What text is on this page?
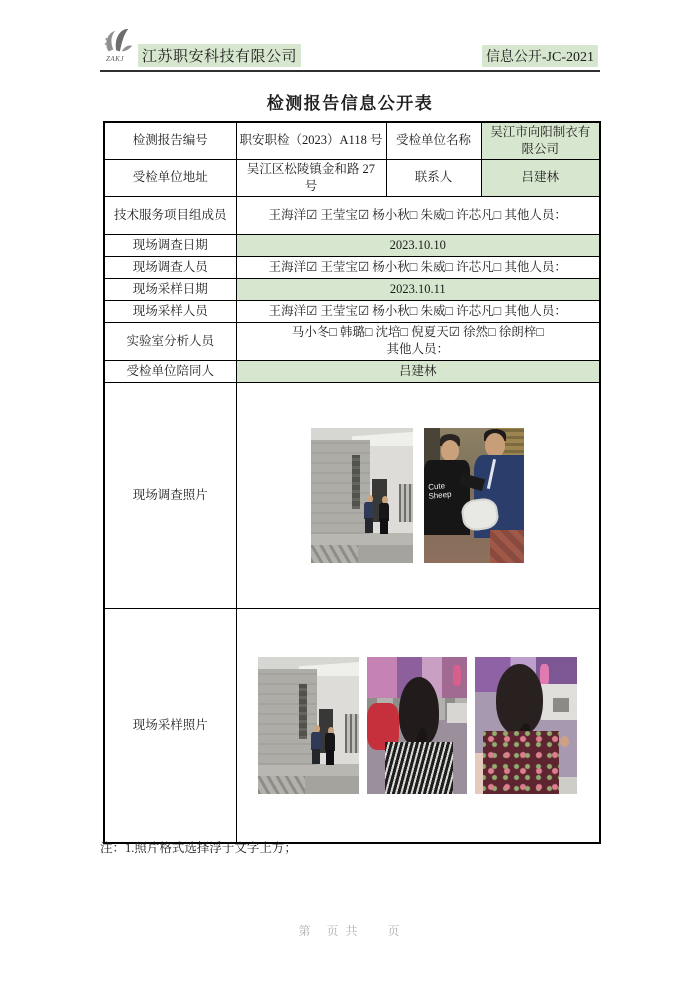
ZAKJ 江苏职安科技有限公司	信息公开-JC-2021
检测报告信息公开表
检测报告编号	职安职检（2023）A118 号	受检单位名称	吴江市向阳制衣有限公司
受检单位地址	吴江区松陵镇金和路 27 号	联系人	吕建林
技术服务项目组成员	王海洋☑ 王莹宝☑ 杨小秋□ 朱威□ 许芯凡□ 其他人员：		
现场调查日期	2023.10.10		
现场调查人员	王海洋☑ 王莹宝☑ 杨小秋□ 朱威□ 许芯凡□ 其他人员：		
现场采样日期	2023.10.11		
现场采样人员	王海洋☑ 王莹宝☑ 杨小秋□ 朱威□ 许芯凡□ 其他人员：		
实验室分析人员	马小冬□ 韩璐□ 沈培□ 倪夏天☑ 徐然□ 徐朗梓□
其他人员：		

受检单位陪同人	吕建林		
现场调查照片	Cute Sheep		

现场采样照片			
注：1.照片格式选择浮于文字上方；
第　页 共　　页
